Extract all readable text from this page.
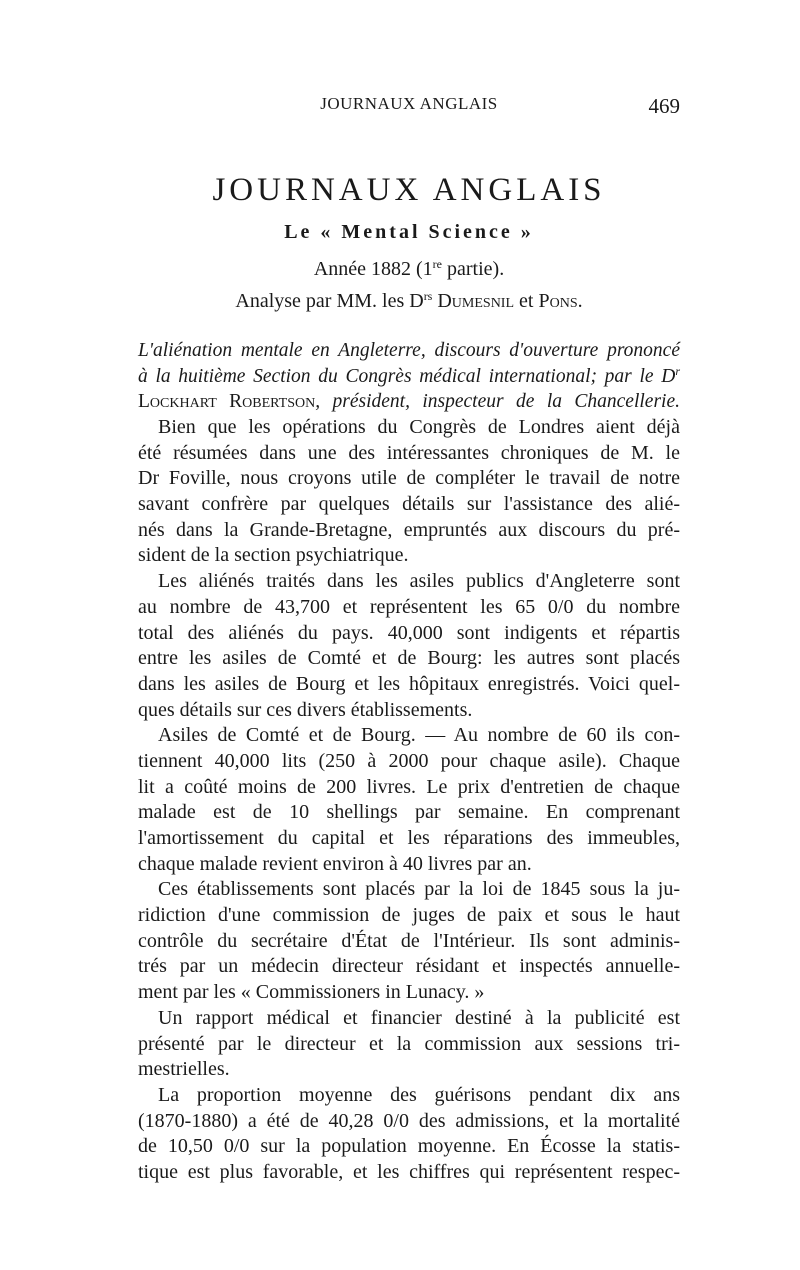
JOURNAUX ANGLAIS	469
JOURNAUX ANGLAIS
Le « Mental Science »
Année 1882 (1re partie).
Analyse par MM. les $D^{rs}$ Dumesnil et Pons.
L'aliénation mentale en Angleterre, discours d'ouverture prononcé
à la huitième Section du Congrès médical international; par le $D^r$
Lockhart Robertson, président, inspecteur de la Chancellerie.
Bien que les opérations du Congrès de Londres aient déjà
été résumées dans une des intéressantes chroniques de M. le
Dr Foville, nous croyons utile de compléter le travail de notre
savant confrère par quelques détails sur l'assistance des alié-
nés dans la Grande-Bretagne, empruntés aux discours du pré-
sident de la section psychiatrique.
Les aliénés traités dans les asiles publics d'Angleterre sont
au nombre de 43,700 et représentent les 65 0/0 du nombre
total des aliénés du pays. 40,000 sont indigents et répartis
entre les asiles de Comté et de Bourg: les autres sont placés
dans les asiles de Bourg et les hôpitaux enregistrés. Voici quel-
ques détails sur ces divers établissements.
Asiles de Comté et de Bourg. — Au nombre de 60 ils con-
tiennent 40,000 lits (250 à 2000 pour chaque asile). Chaque
lit a coûté moins de 200 livres. Le prix d'entretien de chaque
malade est de 10 shellings par semaine. En comprenant
l'amortissement du capital et les réparations des immeubles,
chaque malade revient environ à 40 livres par an.
Ces établissements sont placés par la loi de 1845 sous la ju-
ridiction d'une commission de juges de paix et sous le haut
contrôle du secrétaire d'État de l'Intérieur. Ils sont adminis-
trés par un médecin directeur résidant et inspectés annuelle-
ment par les « Commissioners in Lunacy. »
Un rapport médical et financier destiné à la publicité est
présenté par le directeur et la commission aux sessions tri-
mestrielles.
La proportion moyenne des guérisons pendant dix ans
(1870-1880) a été de 40,28 0/0 des admissions, et la mortalité
de 10,50 0/0 sur la population moyenne. En Écosse la statis-
tique est plus favorable, et les chiffres qui représentent respec-
